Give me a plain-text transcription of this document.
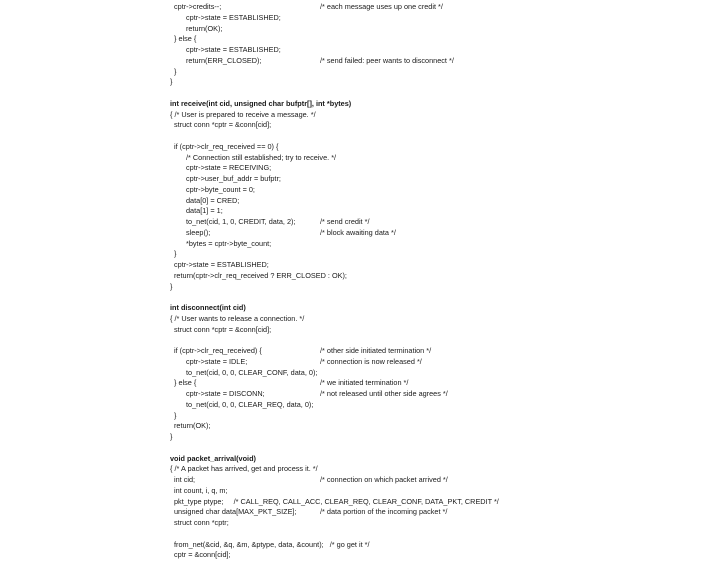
cptr->credits--;	/* each message uses up one credit */
cptr->state = ESTABLISHED;
return(OK);
} else {
cptr->state = ESTABLISHED;
return(ERR_CLOSED);	/* send failed: peer wants to disconnect */
}
}
int receive(int cid, unsigned char bufptr[], int *bytes)
{ /* User is prepared to receive a message. */
struct conn *cptr = &conn[cid];
if (cptr->clr_req_received == 0) {
/* Connection still established; try to receive. */
cptr->state = RECEIVING;
cptr->user_buf_addr = bufptr;
cptr->byte_count = 0;
data[0] = CRED;
data[1] = 1;
to_net(cid, 1, 0, CREDIT, data, 2);	/* send credit */
sleep();	/* block awaiting data */
*bytes = cptr->byte_count;
}
cptr->state = ESTABLISHED;
return(cptr->clr_req_received ? ERR_CLOSED : OK);
}
int disconnect(int cid)
{ /* User wants to release a connection. */
struct conn *cptr = &conn[cid];
if (cptr->clr_req_received) {	/* other side initiated termination */
cptr->state = IDLE;	/* connection is now released */
to_net(cid, 0, 0, CLEAR_CONF, data, 0);
} else {	/* we initiated termination */
cptr->state = DISCONN;	/* not released until other side agrees */
to_net(cid, 0, 0, CLEAR_REQ, data, 0);
}
return(OK);
}
void packet_arrival(void)
{ /* A packet has arrived, get and process it. */
int cid;	/* connection on which packet arrived */
int count, i, q, m;
pkt_type ptype;     /* CALL_REQ, CALL_ACC, CLEAR_REQ, CLEAR_CONF, DATA_PKT, CREDIT */
unsigned char data[MAX_PKT_SIZE];	/* data portion of the incoming packet */
struct conn *cptr;
from_net(&cid, &q, &m, &ptype, data, &count);   /* go get it */
cptr = &conn[cid];
